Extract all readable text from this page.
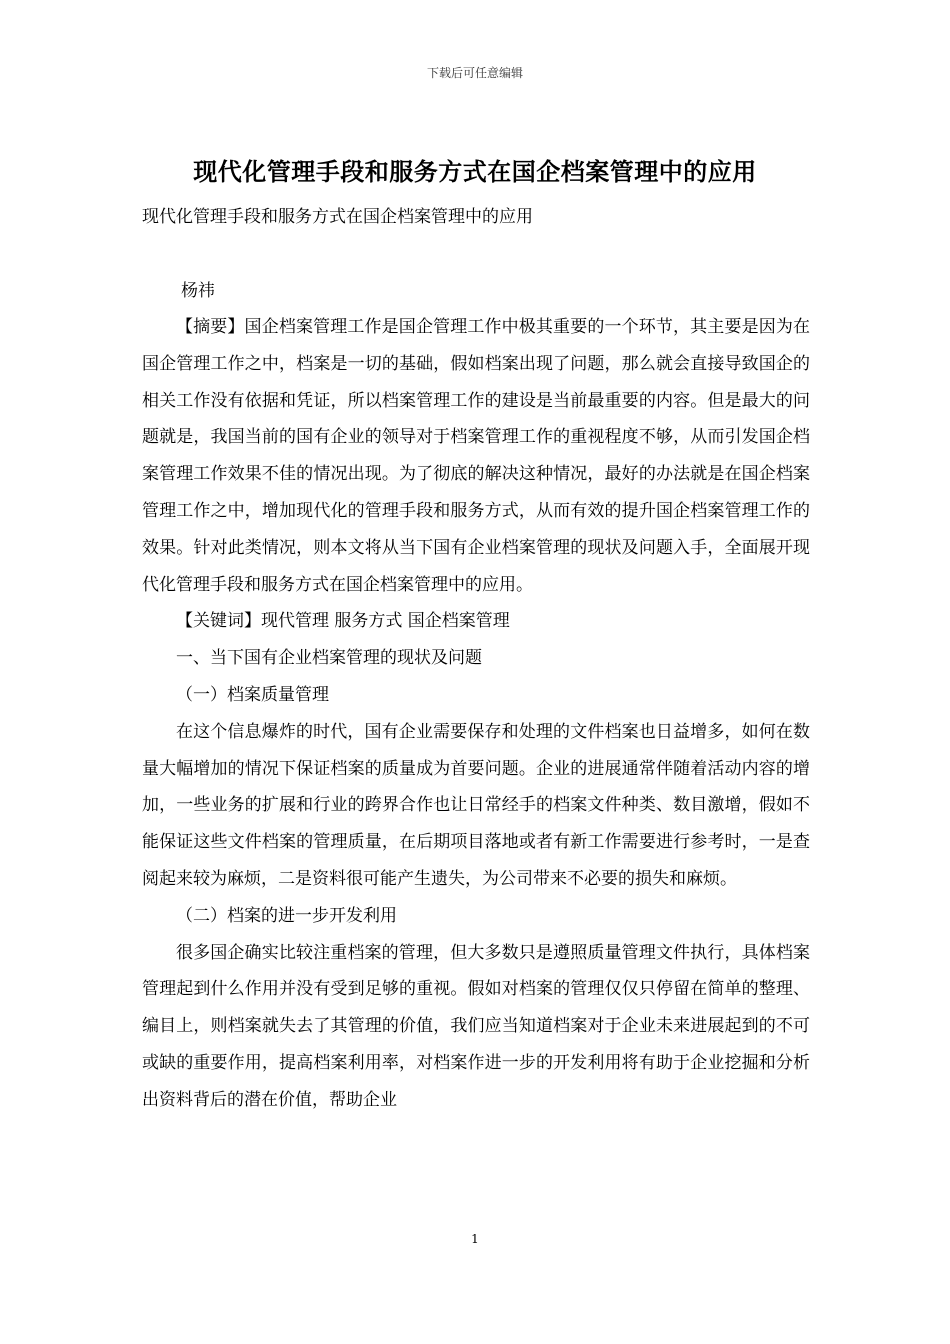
下载后可任意编辑
现代化管理手段和服务方式在国企档案管理中的应用

现代化管理手段和服务方式在国企档案管理中的应用

杨祎

【摘要】国企档案管理工作是国企管理工作中极其重要的一个环节，其主要是因为在国企管理工作之中，档案是一切的基础，假如档案出现了问题，那么就会直接导致国企的相关工作没有依据和凭证，所以档案管理工作的建设是当前最重要的内容。但是最大的问题就是，我国当前的国有企业的领导对于档案管理工作的重视程度不够，从而引发国企档案管理工作效果不佳的情况出现。为了彻底的解决这种情况，最好的办法就是在国企档案管理工作之中，增加现代化的管理手段和服务方式，从而有效的提升国企档案管理工作的效果。针对此类情况，则本文将从当下国有企业档案管理的现状及问题入手，全面展开现代化管理手段和服务方式在国企档案管理中的应用。

【关键词】现代管理 服务方式 国企档案管理

一、当下国有企业档案管理的现状及问题

（一）档案质量管理

在这个信息爆炸的时代，国有企业需要保存和处理的文件档案也日益增多，如何在数量大幅增加的情况下保证档案的质量成为首要问题。企业的进展通常伴随着活动内容的增加，一些业务的扩展和行业的跨界合作也让日常经手的档案文件种类、数目激增，假如不能保证这些文件档案的管理质量，在后期项目落地或者有新工作需要进行参考时，一是查阅起来较为麻烦，二是资料很可能产生遗失，为公司带来不必要的损失和麻烦。

（二）档案的进一步开发利用

很多国企确实比较注重档案的管理，但大多数只是遵照质量管理文件执行，具体档案管理起到什么作用并没有受到足够的重视。假如对档案的管理仅仅只停留在简单的整理、编目上，则档案就失去了其管理的价值，我们应当知道档案对于企业未来进展起到的不可或缺的重要作用，提高档案利用率，对档案作进一步的开发利用将有助于企业挖掘和分析出资料背后的潜在价值，帮助企业

1
